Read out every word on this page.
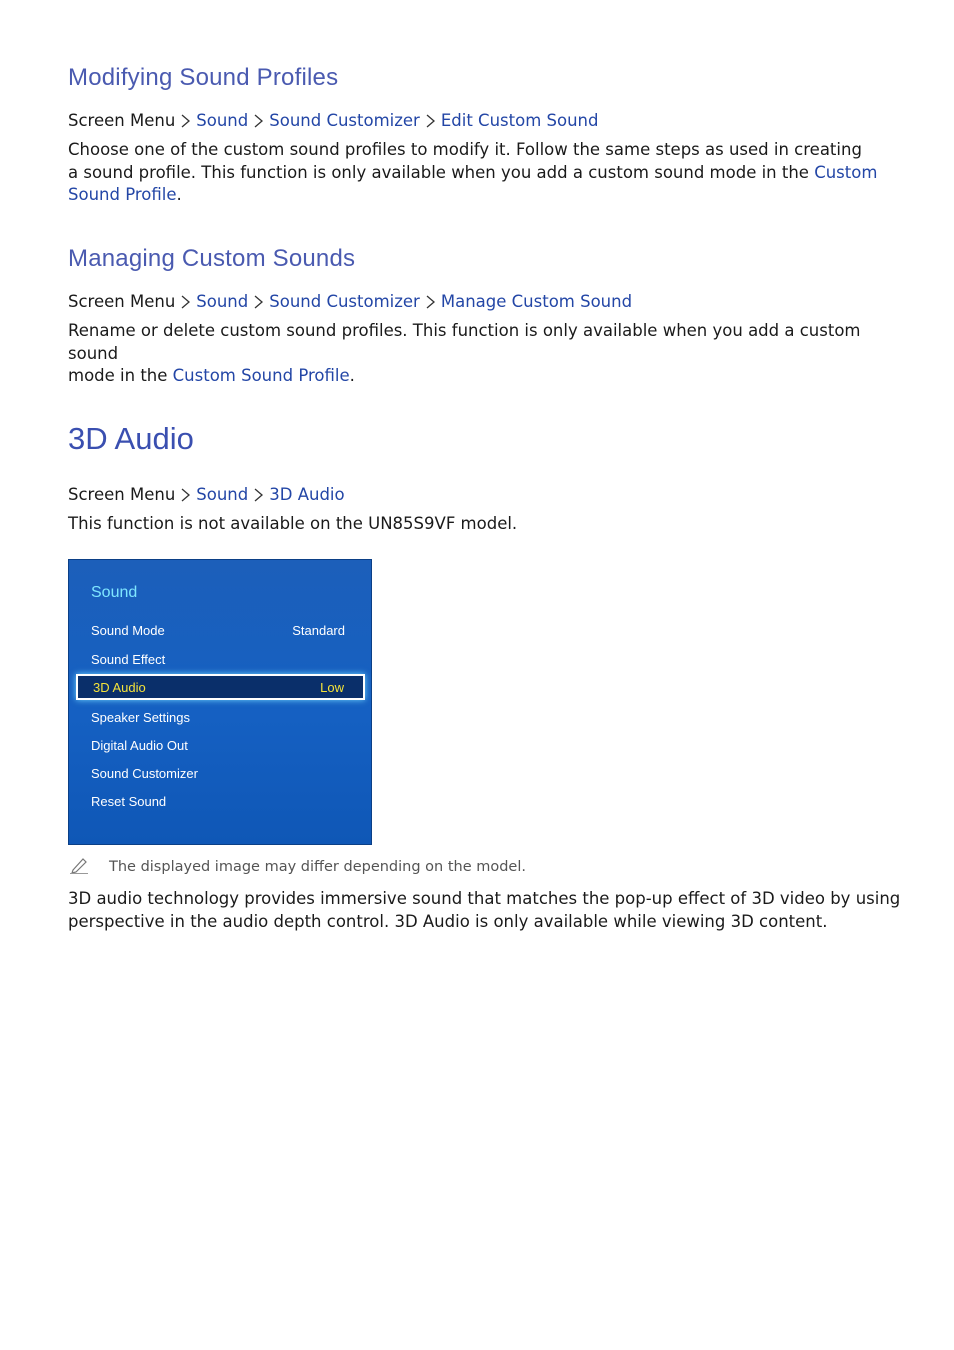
Modifying Sound Profiles
Screen Menu Sound Sound Customizer Edit Custom Sound

Choose one of the custom sound profiles to modify it. Follow the same steps as used in creating

a sound profile. This function is only available when you add a custom sound mode in the Custom

Sound Profile.

Managing Custom Sounds
Screen Menu Sound Sound Customizer Manage Custom Sound

Rename or delete custom sound profiles. This function is only available when you add a custom sound

mode in the Custom Sound Profile.

3D Audio
Screen Menu Sound 3D Audio

This function is not available on the UN85S9VF model.

Sound
Sound Mode	Standard
Sound Effect
3D Audio	Low
Speaker Settings
Digital Audio Out
Sound Customizer
Reset Sound
The displayed image may differ depending on the model.

3D audio technology provides immersive sound that matches the pop-up effect of 3D video by using

perspective in the audio depth control. 3D Audio is only available while viewing 3D content.
